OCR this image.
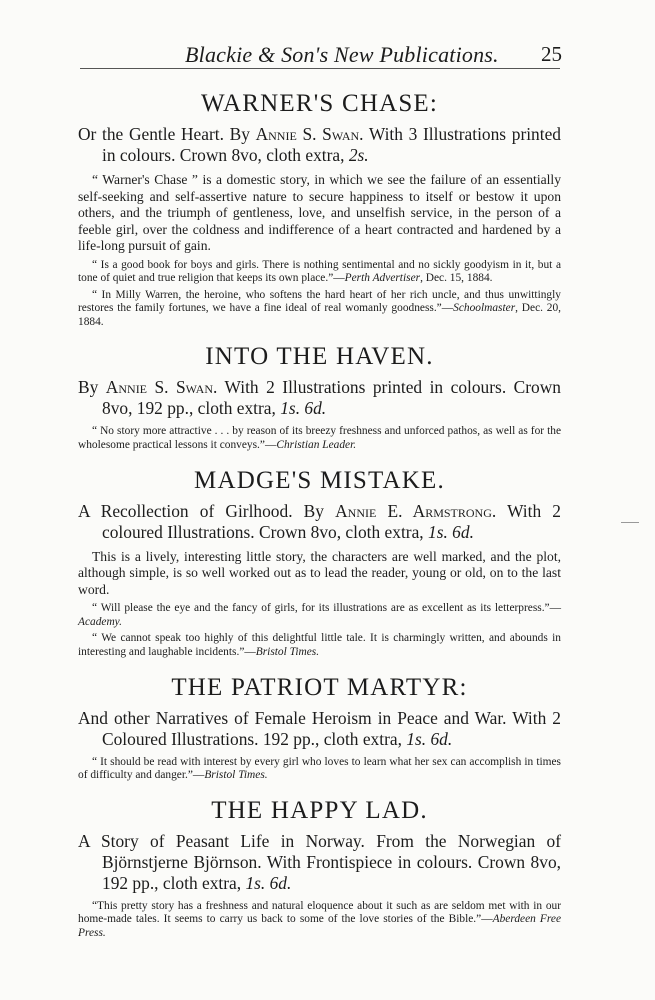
Blackie & Son's New Publications. 25
WARNER'S CHASE:

Or the Gentle Heart. By Annie S. Swan. With 3 Illustrations printed in colours. Crown 8vo, cloth extra, 2s.

“ Warner's Chase ” is a domestic story, in which we see the failure of an essentially self-seeking and self-assertive nature to secure happiness to itself or bestow it upon others, and the triumph of gentleness, love, and unselfish service, in the person of a feeble girl, over the coldness and indifference of a heart contracted and hardened by a life-long pursuit of gain.

“ Is a good book for boys and girls. There is nothing sentimental and no sickly goodyism in it, but a tone of quiet and true religion that keeps its own place.”—Perth Advertiser, Dec. 15, 1884.

“ In Milly Warren, the heroine, who softens the hard heart of her rich uncle, and thus unwittingly restores the family fortunes, we have a fine ideal of real womanly goodness.”—Schoolmaster, Dec. 20, 1884.

INTO THE HAVEN.

By Annie S. Swan. With 2 Illustrations printed in colours. Crown 8vo, 192 pp., cloth extra, 1s. 6d.

“ No story more attractive . . . by reason of its breezy freshness and unforced pathos, as well as for the wholesome practical lessons it conveys.”—Christian Leader.

MADGE'S MISTAKE.

A Recollection of Girlhood. By Annie E. Armstrong. With 2 coloured Illustrations. Crown 8vo, cloth extra, 1s. 6d.

This is a lively, interesting little story, the characters are well marked, and the plot, although simple, is so well worked out as to lead the reader, young or old, on to the last word.

“ Will please the eye and the fancy of girls, for its illustrations are as excellent as its letterpress.”—Academy.

“ We cannot speak too highly of this delightful little tale. It is charmingly written, and abounds in interesting and laughable incidents.”—Bristol Times.

THE PATRIOT MARTYR:

And other Narratives of Female Heroism in Peace and War. With 2 Coloured Illustrations. 192 pp., cloth extra, 1s. 6d.

“ It should be read with interest by every girl who loves to learn what her sex can accomplish in times of difficulty and danger.”—Bristol Times.

THE HAPPY LAD.

A Story of Peasant Life in Norway. From the Norwegian of Björnstjerne Björnson. With Frontispiece in colours. Crown 8vo, 192 pp., cloth extra, 1s. 6d.

“This pretty story has a freshness and natural eloquence about it such as are seldom met with in our home-made tales. It seems to carry us back to some of the love stories of the Bible.”—Aberdeen Free Press.
